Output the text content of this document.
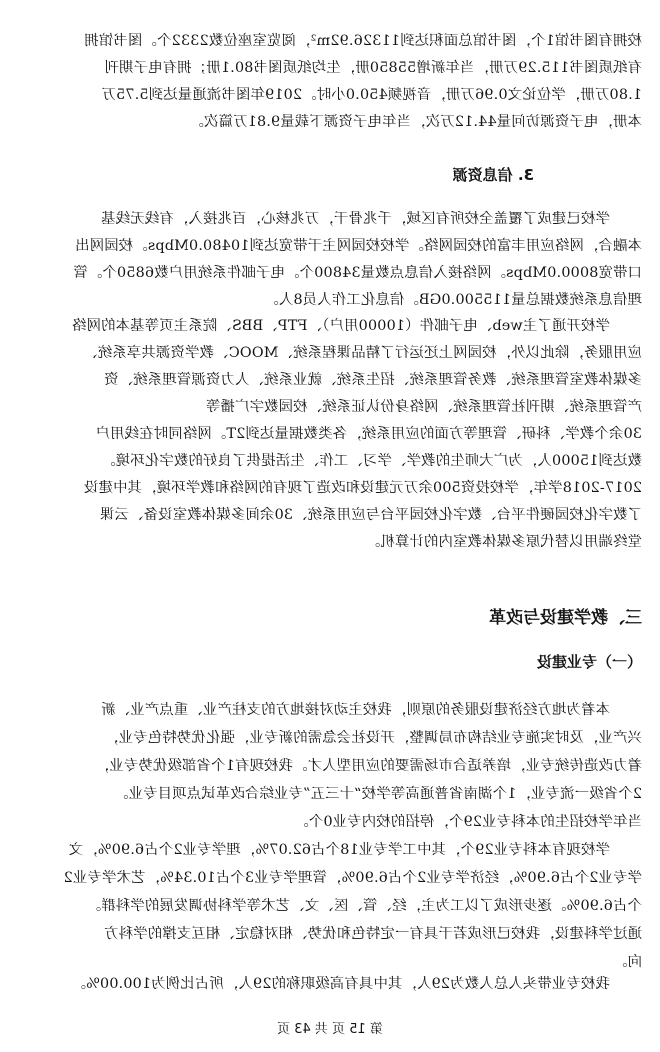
校拥有图书馆1个，图书馆总面积达到11326.92m²，阅览室座位数2332个。图书馆拥

有纸质图书115.29万册，当年新增55850册，生均纸质图书80.1册；拥有电子期刊

1.80万册，学位论文0.96万册，音视频450.0小时。2019年图书流通量达到5.75万

本册，电子资源访问量44.12万次，当年电子资源下载量9.81万篇次。

3. 信息资源

学校已建成了覆盖全校所有区域，千兆骨干，万兆核心，百兆接入，有线无线基

本融合，网络应用丰富的校园网络。学校校园网主干带宽达到10480.0Mbps。校园网出

口带宽8000.0Mbps。网络接入信息点数量34800个。电子邮件系统用户数6850个。管

理信息系统数据总量115500.0GB。信息化工作人员8人。

学校开通了主web、电子邮件（10000用户）、FTP、BBS、院系主页等基本的网络

应用服务，除此以外，校园网上还运行了精品课程系统、MOOC、教学资源共享系统、

多媒体教室管理系统、教务管理系统、招生系统、就业系统、人力资源管理系统、资

产管理系统、期刊社管理系统、网络身份认证系统、校园数字广播等

30余个教学、科研、管理等方面的应用系统，各类数据量达到2T。网络同时在线用户

数达到15000人，为广大师生的教学、学习、工作、生活提供了良好的数字化环境。

2017-2018学年，学校投资500余万元建设和改造了现有的网络和教学环境，其中建设

了数字化校园硬件平台、数字化校园平台与应用系统、30余间多媒体教室设备、云课

堂终端用以替代原多媒体教室内的计算机。

三、教学建设与改革
（一）专业建设

本着为地方经济建设服务的原则，我校主动对接地方的支柱产业、重点产业、新

兴产业，及时实施专业结构布局调整，开设社会急需的新专业，强化优势特色专业，

着力改造传统专业，培养适合市场需要的应用型人才。我校现有1个省部级优势专业，

2个省级一流专业，1个湖南省普通高等学校“十三五”专业综合改革试点项目专业。

当年学校招生的本科专业29个，停招的校内专业0个。

学校现有本科专业29个，其中工学专业18个占62.07%，理学专业2个占6.90%，文

学专业2个占6.90%，经济学专业2个占6.90%，管理学专业3个占10.34%，艺术学专业2

个占6.90%。逐步形成了以工为主，经、管、医、文、艺术等学科协调发展的学科群。

通过学科建设，我校已形成若干具有一定特色和优势、相对稳定、相互支撑的学科方

向。

我校专业带头人总人数为29人，其中具有高级职称的29人，所占比例为100.00%。

第 15 页 共 43 页
